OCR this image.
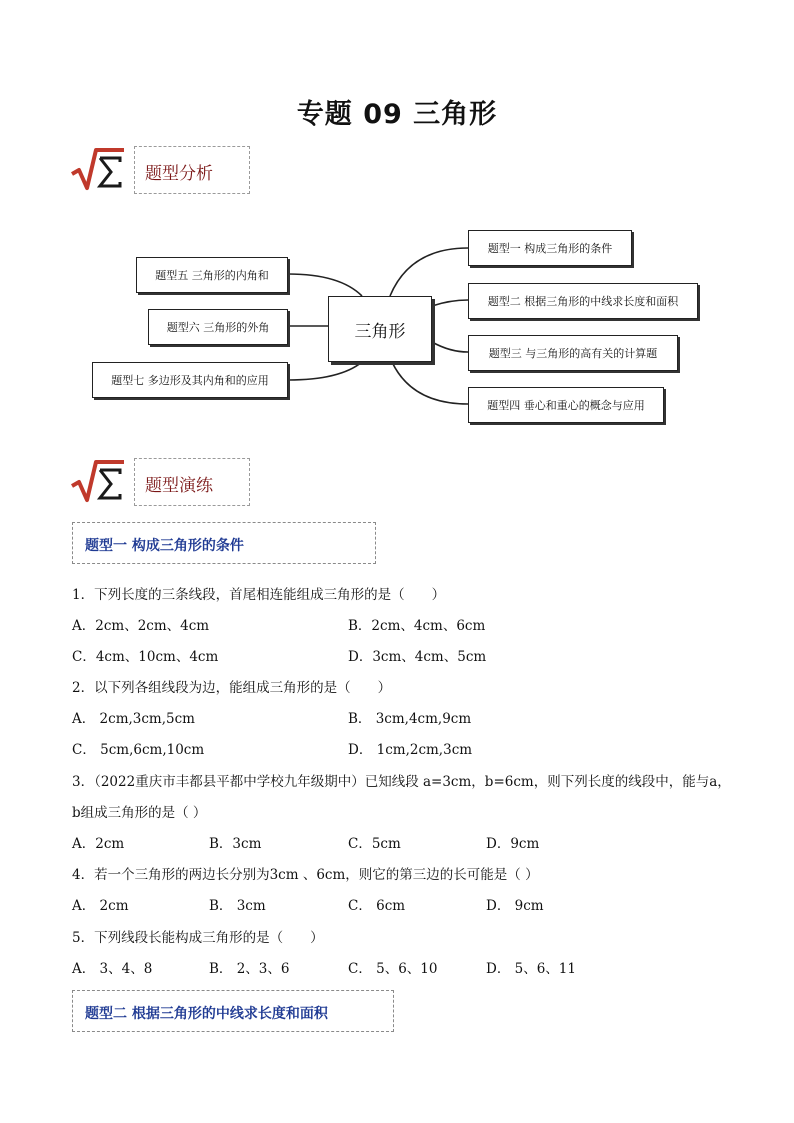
专题 09 三角形
题型分析
三角形
题型一 构成三角形的条件
题型二 根据三角形的中线求长度和面积
题型三 与三角形的高有关的计算题
题型四 垂心和重心的概念与应用
题型五 三角形的内角和
题型六 三角形的外角
题型七 多边形及其内角和的应用
题型演练
题型一 构成三角形的条件
1．下列长度的三条线段，首尾相连能组成三角形的是（　　）
A．2cm、2cm、4cm	B．2cm、4cm、6cm
C．4cm、10cm、4cm	D．3cm、4cm、5cm
2．以下列各组线段为边，能组成三角形的是（　　）
A． 2cm,3cm,5cm	B． 3cm,4cm,9cm
C． 5cm,6cm,10cm	D． 1cm,2cm,3cm
3．（2022重庆市丰都县平都中学校九年级期中）已知线段 a=3cm，b=6cm，则下列长度的线段中，能与a，
b组成三角形的是（ ）
A．2cm	B．3cm	C．5cm	D．9cm
4．若一个三角形的两边长分别为3cm 、6cm，则它的第三边的长可能是（ ）
A． 2cm	B． 3cm	C． 6cm	D． 9cm
5．下列线段长能构成三角形的是（　　）
A． 3、4、8	B． 2、3、6	C． 5、6、10	D． 5、6、11
题型二 根据三角形的中线求长度和面积
